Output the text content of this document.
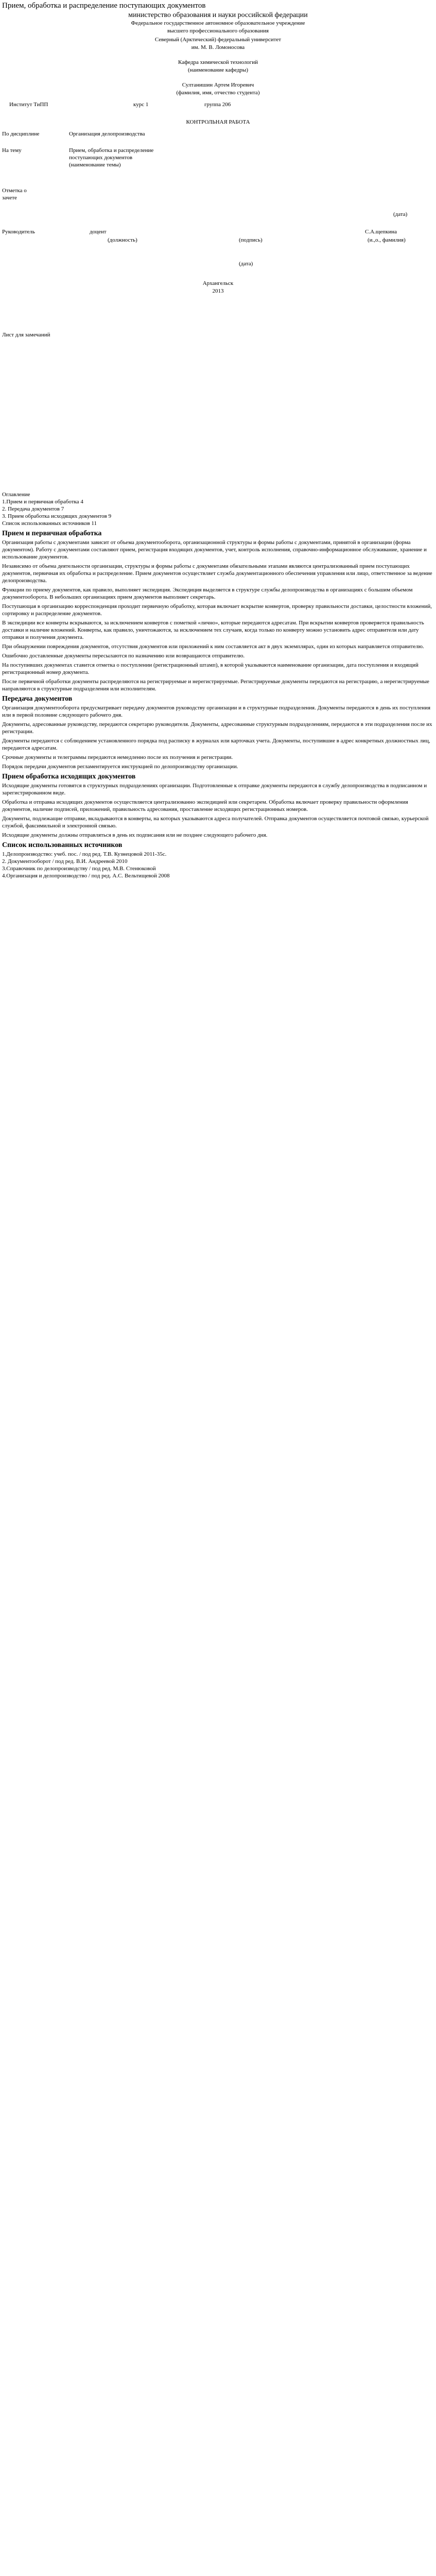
Прием, обработка и распределение поступающих документов
министерство образования и науки российской федерации
Федеральное государственное автономное образовательное учреждение
высшего профессионального образования
Северный (Арктический) федеральный университет
им. М. В. Ломоносова
Кафедра химической технологий
(наименование кафедры)
Султанишин Артем Игоревич
(фамилия, имя, отчество студента)
Институт ТиПП	курс 1	группа 206
КОНТРОЛЬНАЯ РАБОТА
По дисциплине	Организация делопроизводства
На тему	Прием, обработка и распределение поступающих документов
(наименование темы)
Отметка о зачете
(дата)
Руководитель	доцент	С.А.щепкина
(должность)	(подпись)	(и.,о., фамилия)
(дата)
Архангельск
2013
Лист для замечаний
Оглавление

1.Прием и первичная обработка 4

2. Передача документов 7

3. Прием обработка исходящих документов 9

Список использованных источников 11

Прием и первичная обработка

Организация работы с документами зависит от объема документооборота, организационной структуры и формы работы с документами, принятой в организации (форма документом). Работу с документами составляют прием, регистрация входящих документов, учет, контроль исполнения, справочно-информационное обслуживание, хранение и использование документов.

Независимо от объема деятельности организации, структуры и формы работы с документами обязательными этапами являются централизованный прием поступающих документов, первичная их обработка и распределение. Прием документов осуществляет служба документационного обеспечения управления или лицо, ответственное за ведение делопроизводства.

Функции по приему документов, как правило, выполняет экспедиция. Экспедиция выделяется в структуре службы делопроизводства в организациях с большим объемом документооборота. В небольших организациях прием документов выполняет секретарь.

Поступающая в организацию корреспонденция проходит первичную обработку, которая включает вскрытие конвертов, проверку правильности доставки, целостности вложений, сортировку и распределение документов.

В экспедиции все конверты вскрываются, за исключением конвертов с пометкой «лично», которые передаются адресатам. При вскрытии конвертов проверяется правильность доставки и наличие вложений. Конверты, как правило, уничтожаются, за исключением тех случаев, когда только по конверту можно установить адрес отправителя или дату отправки и получения документа.

При обнаружении повреждения документов, отсутствия документов или приложений к ним составляется акт в двух экземплярах, один из которых направляется отправителю.

Ошибочно доставленные документы пересылаются по назначению или возвращаются отправителю.

На поступивших документах ставится отметка о поступлении (регистрационный штамп), в которой указываются наименование организации, дата поступления и входящий регистрационный номер документа.

После первичной обработки документы распределяются на регистрируемые и нерегистрируемые. Регистрируемые документы передаются на регистрацию, а нерегистрируемые направляются в структурные подразделения или исполнителям.

Передача документов

Организация документооборота предусматривает передачу документов руководству организации и в структурные подразделения. Документы передаются в день их поступления или в первой половине следующего рабочего дня.

Документы, адресованные руководству, передаются секретарю руководителя. Документы, адресованные структурным подразделениям, передаются в эти подразделения после их регистрации.

Документы передаются с соблюдением установленного порядка под расписку в журналах или карточках учета. Документы, поступившие в адрес конкретных должностных лиц, передаются адресатам.

Срочные документы и телеграммы передаются немедленно после их получения и регистрации.

Порядок передачи документов регламентируется инструкцией по делопроизводству организации.

Прием обработка исходящих документов

Исходящие документы готовятся в структурных подразделениях организации. Подготовленные к отправке документы передаются в службу делопроизводства в подписанном и зарегистрированном виде.

Обработка и отправка исходящих документов осуществляется централизованно экспедицией или секретарем. Обработка включает проверку правильности оформления документов, наличие подписей, приложений, правильность адресования, проставление исходящих регистрационных номеров.

Документы, подлежащие отправке, вкладываются в конверты, на которых указываются адреса получателей. Отправка документов осуществляется почтовой связью, курьерской службой, факсимильной и электронной связью.

Исходящие документы должны отправляться в день их подписания или не позднее следующего рабочего дня.

Список использованных источников

1.Делопроизводство: учеб. пос. / под ред. Т.В. Кузнецовой 2011-35с.

2. Документооборот / под ред. В.И. Андреевой 2010

3.Справочник по делопроизводству / под ред. М.В. Стенюковой

4.Организация и делопроизводство / под ред. А.С. Вельтищевой 2008
